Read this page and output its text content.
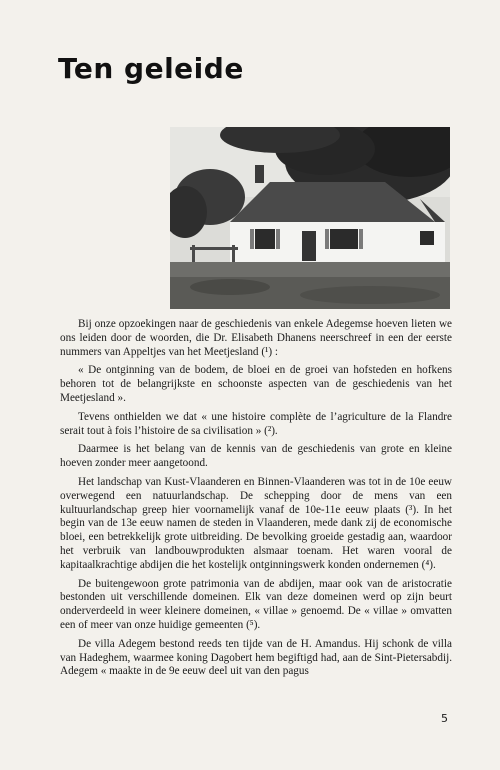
Ten geleide

Bij onze opzoekingen naar de geschiedenis van enkele Adegemse hoeven lieten we ons leiden door de woorden, die Dr. Elisabeth Dhanens neerschreef in een der eerste nummers van Appeltjes van het Meetjesland (¹) :

« De ontginning van de bodem, de bloei en de groei van hofsteden en hofkens behoren tot de belangrijkste en schoonste aspecten van de geschiedenis van het Meetjesland ».

Tevens onthielden we dat « une histoire complète de l’agriculture de la Flandre serait tout à fois l’histoire de sa civilisation » (²).

Daarmee is het belang van de kennis van de geschiedenis van grote en kleine hoeven zonder meer aangetoond.

Het landschap van Kust-Vlaanderen en Binnen-Vlaanderen was tot in de 10e eeuw overwegend een natuurlandschap. De schepping door de mens van een kultuurlandschap greep hier voornamelijk vanaf de 10e-11e eeuw plaats (³). In het begin van de 13e eeuw namen de steden in Vlaanderen, mede dank zij de economische bloei, een betrekkelijk grote uitbreiding. De bevolking groeide gestadig aan, waardoor het verbruik van landbouwprodukten alsmaar toenam. Het waren vooral de kapitaalkrachtige abdijen die het kostelijk ontginningswerk konden ondernemen (⁴).

De buitengewoon grote patrimonia van de abdijen, maar ook van de aristocratie bestonden uit verschillende domeinen. Elk van deze domeinen werd op zijn beurt onderverdeeld in weer kleinere domeinen, « villae » genoemd. De « villae » omvatten een of meer van onze huidige gemeenten (⁵).

De villa Adegem bestond reeds ten tijde van de H. Amandus. Hij schonk de villa van Hadeghem, waarmee koning Dagobert hem begiftigd had, aan de Sint-Pietersabdij. Adegem « maakte in de 9e eeuw deel uit van den pagus

5
